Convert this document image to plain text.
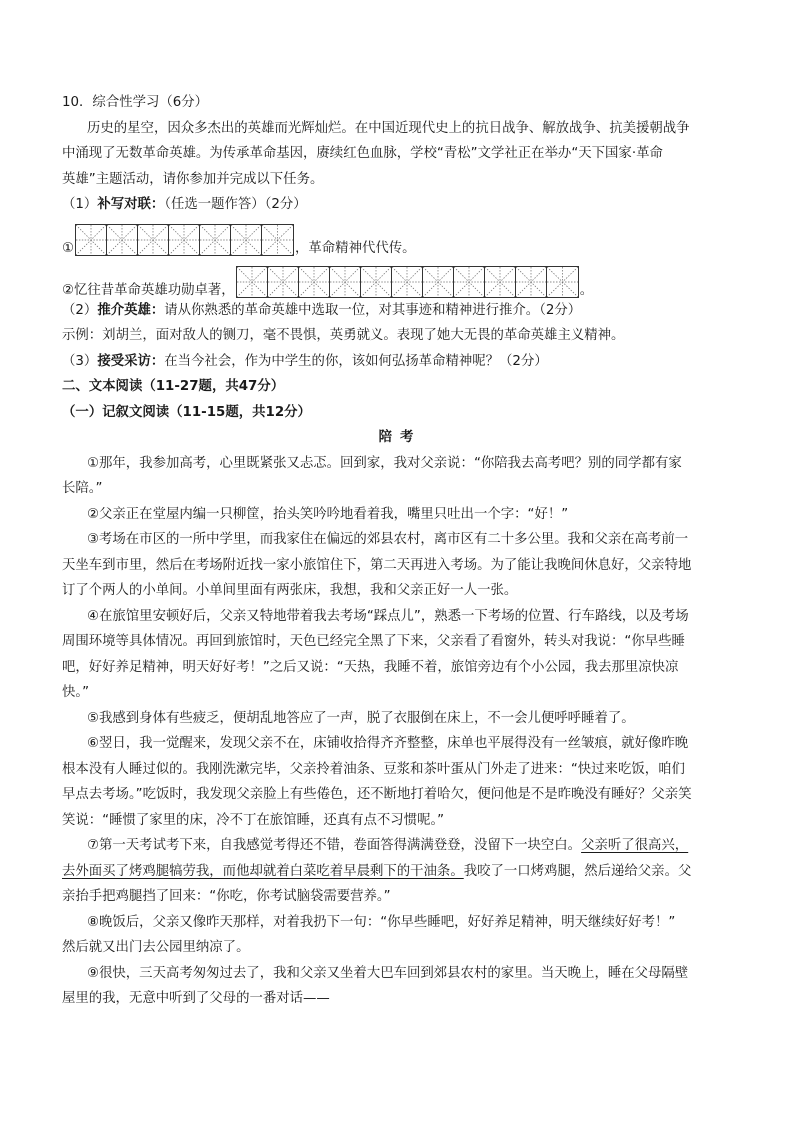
10．综合性学习（6分）
历史的星空，因众多杰出的英雄而光辉灿烂。在中国近现代史上的抗日战争、解放战争、抗美援朝战争
中涌现了无数革命英雄。为传承革命基因，赓续红色血脉，学校“青松”文学社正在举办“天下国家·革命
英雄”主题活动，请你参加并完成以下任务。
（1）补写对联：（任选一题作答）（2分）
①	，革命精神代代传。
②忆往昔革命英雄功勋卓著，	。
（2）推介英雄：请从你熟悉的革命英雄中选取一位，对其事迹和精神进行推介。（2分）
示例：刘胡兰，面对敌人的铡刀，毫不畏惧，英勇就义。表现了她大无畏的革命英雄主义精神。
（3）接受采访：在当今社会，作为中学生的你，该如何弘扬革命精神呢？（2分）
二、文本阅读（11-27题，共47分）
（一）记叙文阅读（11-15题，共12分）
陪考
①那年，我参加高考，心里既紧张又忐忑。回到家，我对父亲说：“你陪我去高考吧？别的同学都有家
长陪。”
②父亲正在堂屋内编一只柳筐，抬头笑吟吟地看着我，嘴里只吐出一个字：“好！”
③考场在市区的一所中学里，而我家住在偏远的郊县农村，离市区有二十多公里。我和父亲在高考前一
天坐车到市里，然后在考场附近找一家小旅馆住下，第二天再进入考场。为了能让我晚间休息好，父亲特地
订了个两人的小单间。小单间里面有两张床，我想，我和父亲正好一人一张。
④在旅馆里安顿好后，父亲又特地带着我去考场“踩点儿”，熟悉一下考场的位置、行车路线，以及考场
周围环境等具体情况。再回到旅馆时，天色已经完全黑了下来，父亲看了看窗外，转头对我说：“你早些睡
吧，好好养足精神，明天好好考！”之后又说：“天热，我睡不着，旅馆旁边有个小公园，我去那里凉快凉
快。”
⑤我感到身体有些疲乏，便胡乱地答应了一声，脱了衣服倒在床上，不一会儿便呼呼睡着了。
⑥翌日，我一觉醒来，发现父亲不在，床铺收拾得齐齐整整，床单也平展得没有一丝皱痕，就好像昨晚
根本没有人睡过似的。我刚洗漱完毕，父亲拎着油条、豆浆和茶叶蛋从门外走了进来：“快过来吃饭，咱们
早点去考场。”吃饭时，我发现父亲脸上有些倦色，还不断地打着哈欠，便问他是不是昨晚没有睡好？父亲笑
笑说：“睡惯了家里的床，冷不丁在旅馆睡，还真有点不习惯呢。”
⑦第一天考试考下来，自我感觉考得还不错，卷面答得满满登登，没留下一块空白。父亲听了很高兴，
去外面买了烤鸡腿犒劳我，而他却就着白菜吃着早晨剩下的干油条。我咬了一口烤鸡腿，然后递给父亲。父
亲抬手把鸡腿挡了回来：“你吃，你考试脑袋需要营养。”
⑧晚饭后，父亲又像昨天那样，对着我扔下一句：“你早些睡吧，好好养足精神，明天继续好好考！”
然后就又出门去公园里纳凉了。
⑨很快，三天高考匆匆过去了，我和父亲又坐着大巴车回到郊县农村的家里。当天晚上，睡在父母隔壁
屋里的我，无意中听到了父母的一番对话——
